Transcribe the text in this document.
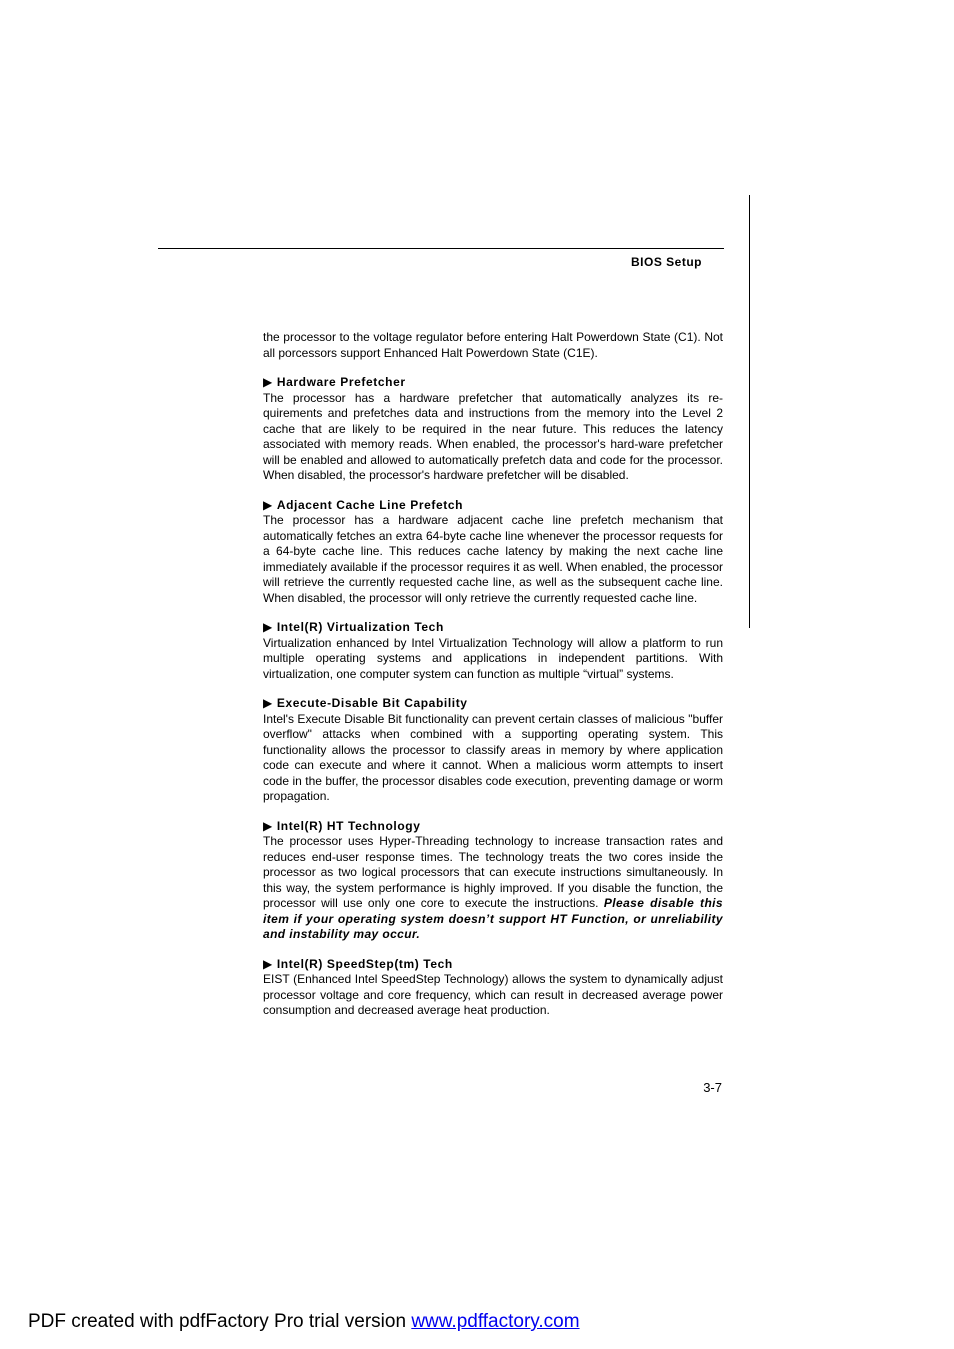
BIOS Setup

the processor to the voltage regulator before entering Halt Powerdown State (C1). Not all porcessors support Enhanced Halt Powerdown State (C1E).

▶ Hardware Prefetcher

The processor has a hardware prefetcher that automatically analyzes its re-quirements and prefetches data and instructions from the memory into the Level 2 cache that are likely to be required in the near future. This reduces the latency associated with memory reads. When enabled, the processor's hard-ware prefetcher will be enabled and allowed to automatically prefetch data and code for the processor. When disabled, the processor's hardware prefetcher will be disabled.

▶ Adjacent Cache Line Prefetch

The processor has a hardware adjacent cache line prefetch mechanism that automatically fetches an extra 64-byte cache line whenever the processor requests for a 64-byte cache line. This reduces cache latency by making the next cache line immediately available if the processor requires it as well. When enabled, the processor will retrieve the currently requested cache line, as well as the subsequent cache line. When disabled, the processor will only retrieve the currently requested cache line.

▶ Intel(R) Virtualization Tech

Virtualization enhanced by Intel Virtualization Technology will allow a platform to run multiple operating systems and applications in independent partitions. With virtualization, one computer system can function as multiple “virtual” systems.

▶ Execute-Disable Bit Capability

Intel's Execute Disable Bit functionality can prevent certain classes of malicious "buffer overflow" attacks when combined with a supporting operating system. This functionality allows the processor to classify areas in memory by where application code can execute and where it cannot. When a malicious worm attempts to insert code in the buffer, the processor disables code execution, preventing damage or worm propagation.

▶ Intel(R) HT Technology

The processor uses Hyper-Threading technology to increase transaction rates and reduces end-user response times. The technology treats the two cores inside the processor as two logical processors that can execute instructions simultaneously. In this way, the system performance is highly improved. If you disable the function, the processor will use only one core to execute the instructions. Please disable this item if your operating system doesn’t support HT Function, or unreliability and instability may occur.

▶ Intel(R) SpeedStep(tm) Tech

EIST (Enhanced Intel SpeedStep Technology) allows the system to dynamically adjust processor voltage and core frequency, which can result in decreased average power consumption and decreased average heat production.

3-7
PDF created with pdfFactory Pro trial version www.pdffactory.com
